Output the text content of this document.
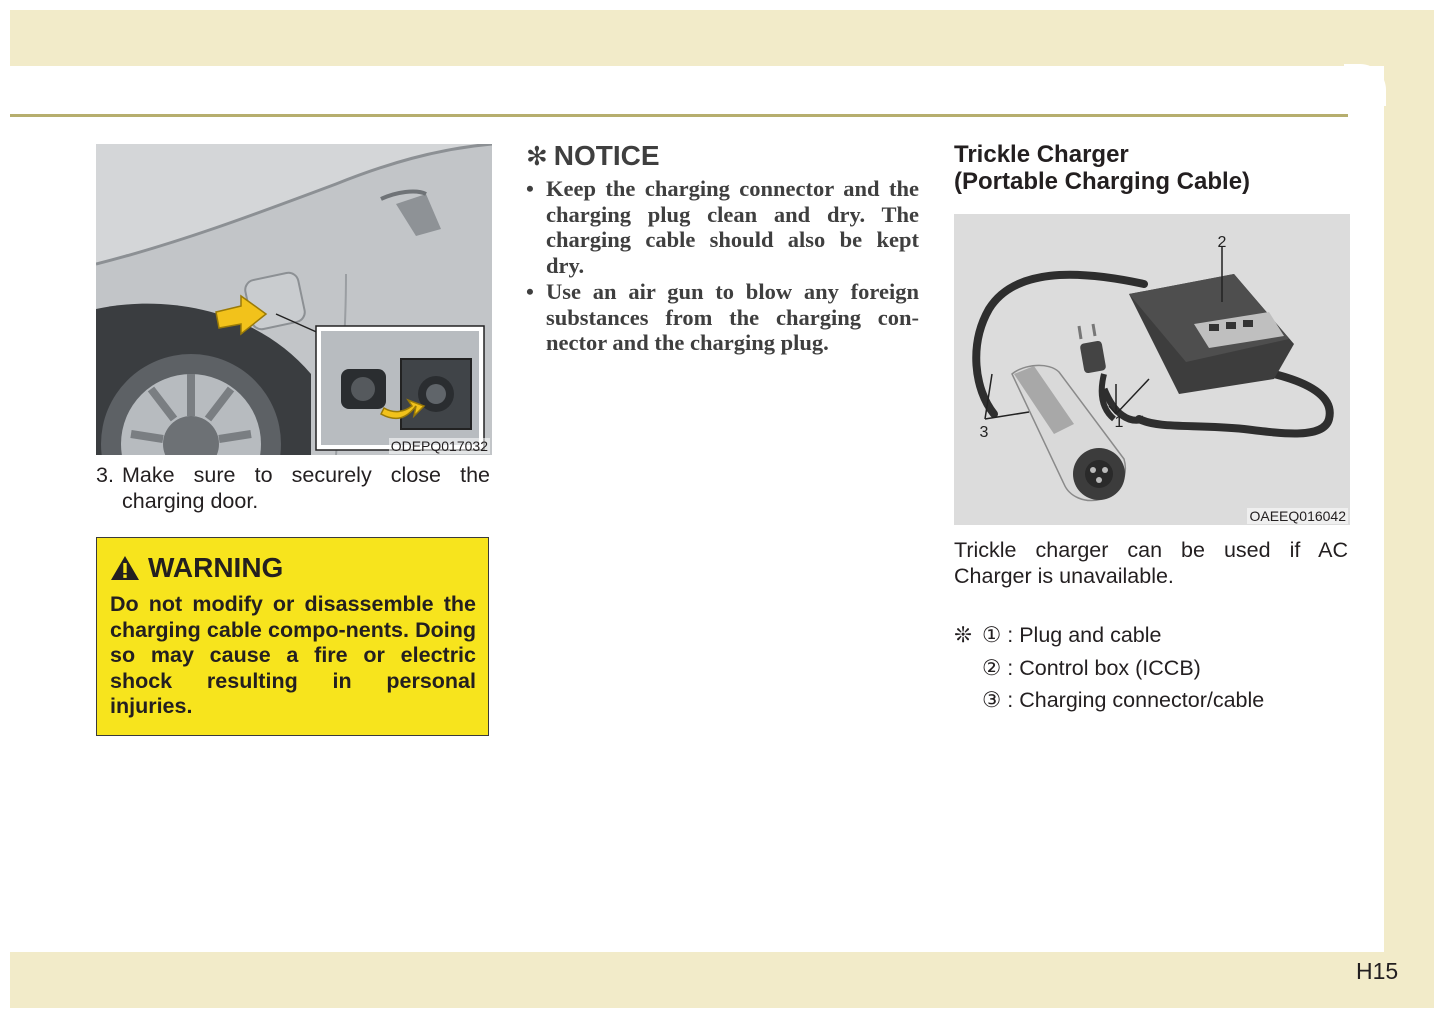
H15
ODEPQ017032
3. Make sure to securely close the charging door.
WARNING
Do not modify or disassemble the charging cable compo-nents. Doing so may cause a fire or electric shock resulting in personal injuries.
✻ NOTICE
• Keep the charging connector and the charging plug clean and dry. The charging cable should also be kept dry.
• Use an air gun to blow any foreign substances from the charging con-nector and the charging plug.
Trickle Charger
(Portable Charging Cable)
2
1
3
OAEEQ016042
Trickle charger can be used if AC Charger is unavailable.
❊ ① : Plug and cable
② : Control box (ICCB)
③ : Charging connector/cable
